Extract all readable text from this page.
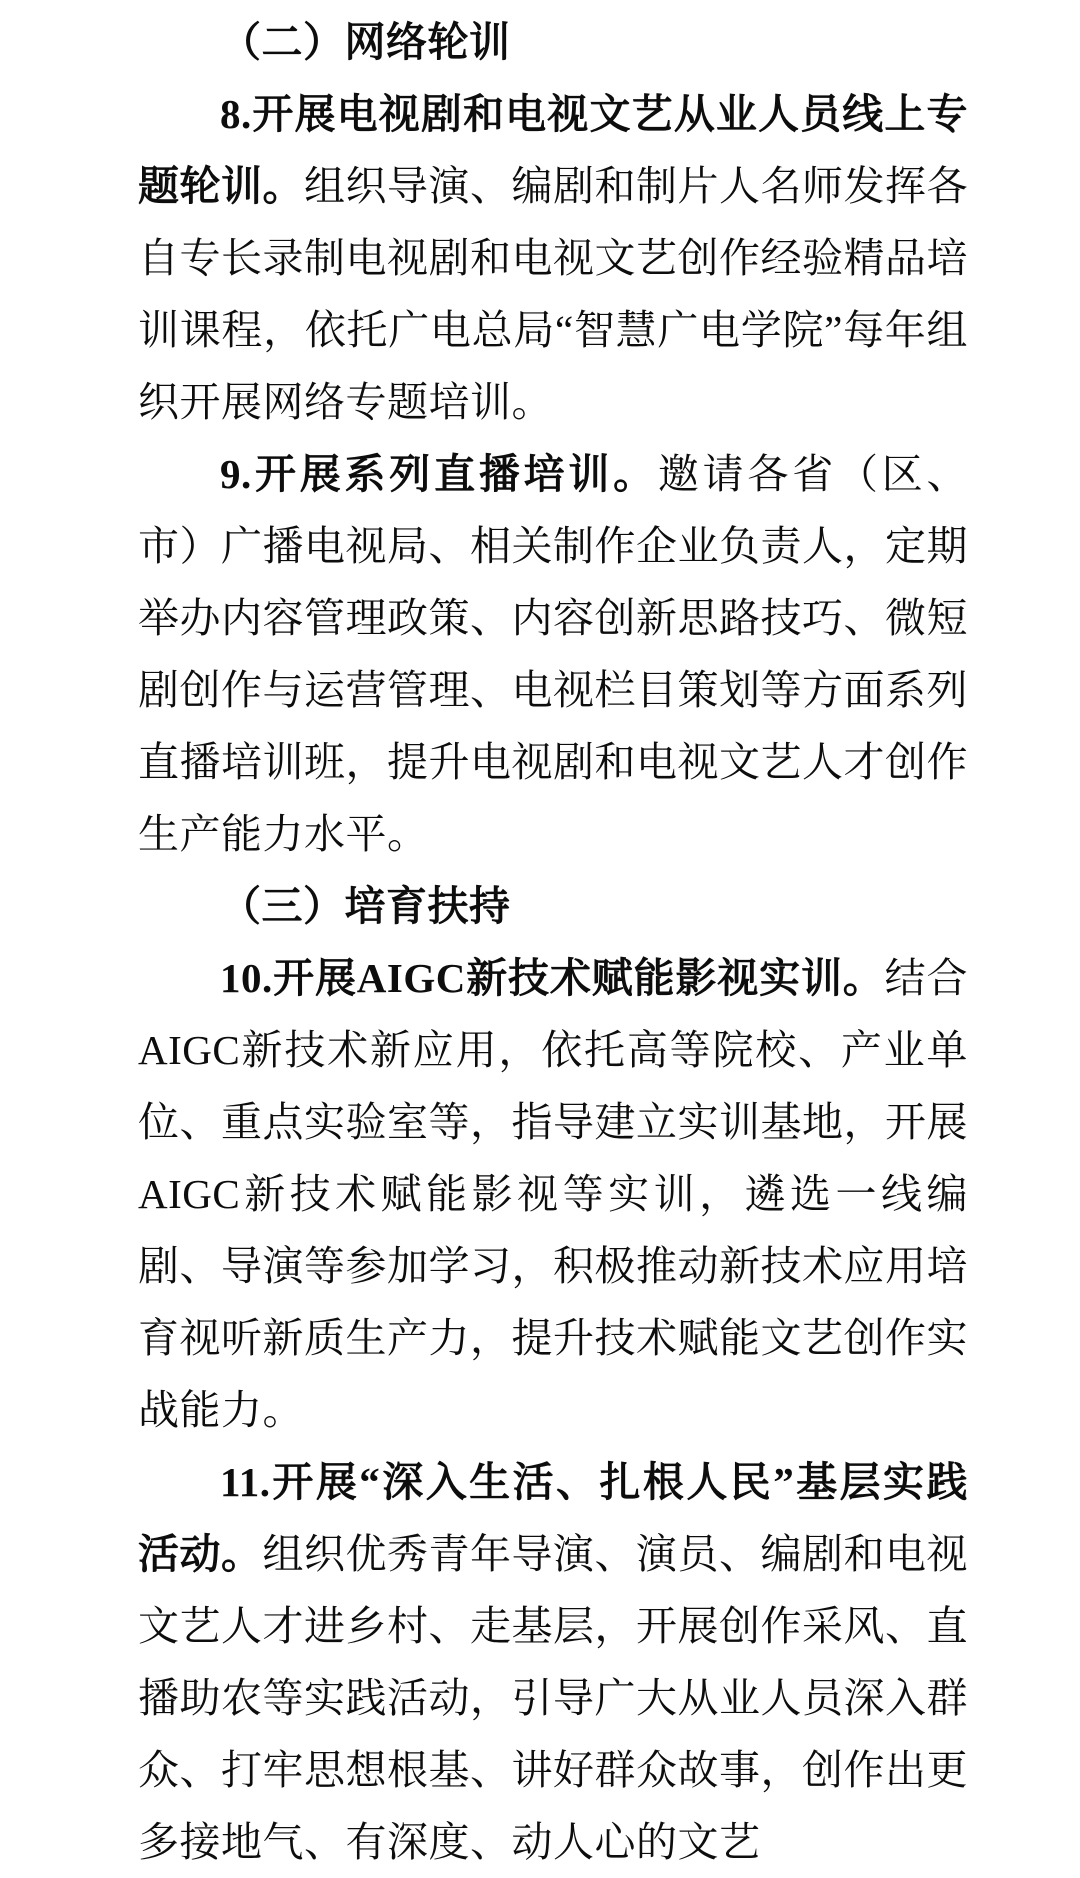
（二）网络轮训

8.开展电视剧和电视文艺从业人员线上专题轮训。组织导演、编剧和制片人名师发挥各自专长录制电视剧和电视文艺创作经验精品培训课程，依托广电总局“智慧广电学院”每年组织开展网络专题培训。

9.开展系列直播培训。邀请各省（区、市）广播电视局、相关制作企业负责人，定期举办内容管理政策、内容创新思路技巧、微短剧创作与运营管理、电视栏目策划等方面系列直播培训班，提升电视剧和电视文艺人才创作生产能力水平。

（三）培育扶持

10.开展AIGC新技术赋能影视实训。结合AIGC新技术新应用，依托高等院校、产业单位、重点实验室等，指导建立实训基地，开展AIGC新技术赋能影视等实训，遴选一线编剧、导演等参加学习，积极推动新技术应用培育视听新质生产力，提升技术赋能文艺创作实战能力。

11.开展“深入生活、扎根人民”基层实践活动。组织优秀青年导演、演员、编剧和电视文艺人才进乡村、走基层，开展创作采风、直播助农等实践活动，引导广大从业人员深入群众、打牢思想根基、讲好群众故事，创作出更多接地气、有深度、动人心的文艺
